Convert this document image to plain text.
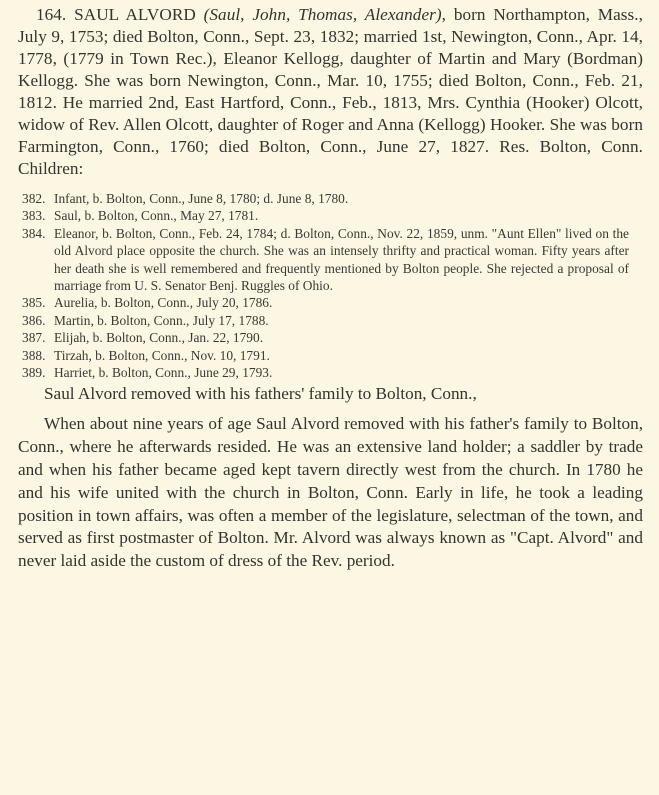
164. SAUL ALVORD (Saul, John, Thomas, Alexander), born Northampton, Mass., July 9, 1753; died Bolton, Conn., Sept. 23, 1832; married 1st, Newington, Conn., Apr. 14, 1778, (1779 in Town Rec.), Eleanor Kellogg, daughter of Martin and Mary (Bordman) Kellogg. She was born Newington, Conn., Mar. 10, 1755; died Bolton, Conn., Feb. 21, 1812. He married 2nd, East Hartford, Conn., Feb., 1813, Mrs. Cynthia (Hooker) Olcott, widow of Rev. Allen Olcott, daughter of Roger and Anna (Kellogg) Hooker. She was born Farmington, Conn., 1760; died Bolton, Conn., June 27, 1827. Res. Bolton, Conn. Children:

382. Infant, b. Bolton, Conn., June 8, 1780; d. June 8, 1780.
383. Saul, b. Bolton, Conn., May 27, 1781.
384. Eleanor, b. Bolton, Conn., Feb. 24, 1784; d. Bolton, Conn., Nov. 22, 1859, unm. "Aunt Ellen" lived on the old Alvord place opposite the church. She was an intensely thrifty and practical woman. Fifty years after her death she is well remembered and frequently mentioned by Bolton people. She rejected a proposal of marriage from U. S. Senator Benj. Ruggles of Ohio.
385. Aurelia, b. Bolton, Conn., July 20, 1786.
386. Martin, b. Bolton, Conn., July 17, 1788.
387. Elijah, b. Bolton, Conn., Jan. 22, 1790.
388. Tirzah, b. Bolton, Conn., Nov. 10, 1791.
389. Harriet, b. Bolton, Conn., June 29, 1793.

Saul Alvord removed with his fathers' family to Bolton, Conn.,

When about nine years of age Saul Alvord removed with his father's family to Bolton, Conn., where he afterwards resided. He was an extensive land holder; a saddler by trade and when his father became aged kept tavern directly west from the church. In 1780 he and his wife united with the church in Bolton, Conn. Early in life, he took a leading position in town affairs, was often a member of the legislature, selectman of the town, and served as first postmaster of Bolton. Mr. Alvord was always known as "Capt. Alvord" and never laid aside the custom of dress of the Rev. period.
